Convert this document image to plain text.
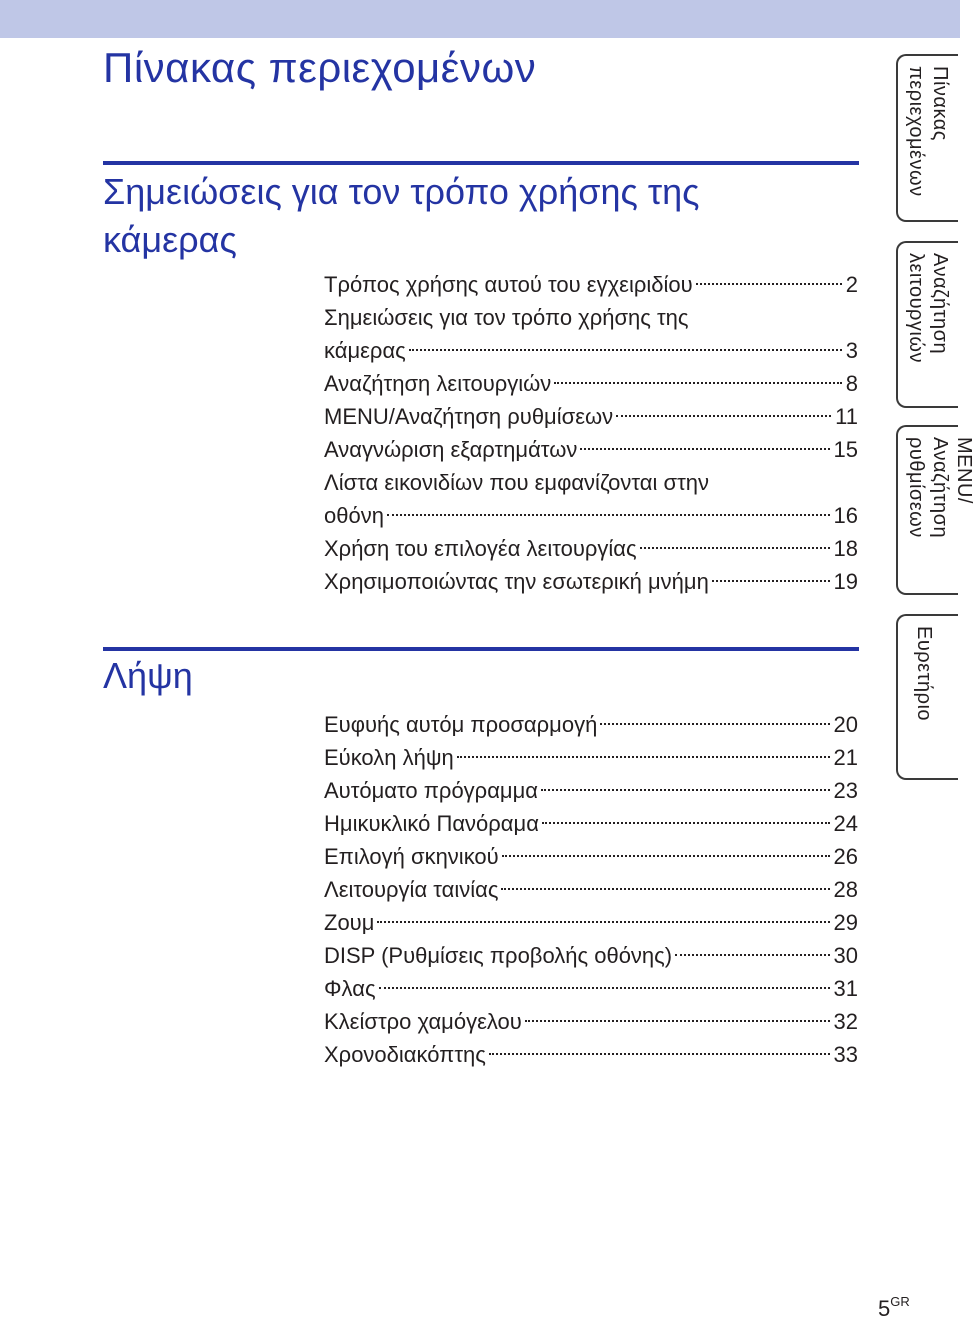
Πίνακας περιεχομένων
Σημειώσεις για τον τρόπο χρήσης της κάμερας
Τρόπος χρήσης αυτού του εγχειριδίου	2
Σημειώσεις για τον τρόπο χρήσης της
κάμερας	3
Αναζήτηση λειτουργιών	8
MENU/Αναζήτηση ρυθμίσεων	11
Αναγνώριση εξαρτημάτων	15
Λίστα εικονιδίων που εμφανίζονται στην
οθόνη	16
Χρήση του επιλογέα λειτουργίας	18
Χρησιμοποιώντας την εσωτερική μνήμη	19
Λήψη
Ευφυής αυτόμ προσαρμογή	20
Εύκολη λήψη	21
Αυτόματο πρόγραμμα	23
Ημικυκλικό Πανόραμα	24
Επιλογή σκηνικού	26
Λειτουργία ταινίας	28
Ζουμ	29
DISP (Ρυθμίσεις προβολής οθόνης)	30
Φλας	31
Κλείστρο χαμόγελου	32
Χρονοδιακόπτης	33
Πίνακας
περιεχομένων
Αναζήτηση
λειτουργιών
MENU/Αναζήτηση
ρυθμίσεων
Ευρετήριο
$5^{GR}$
